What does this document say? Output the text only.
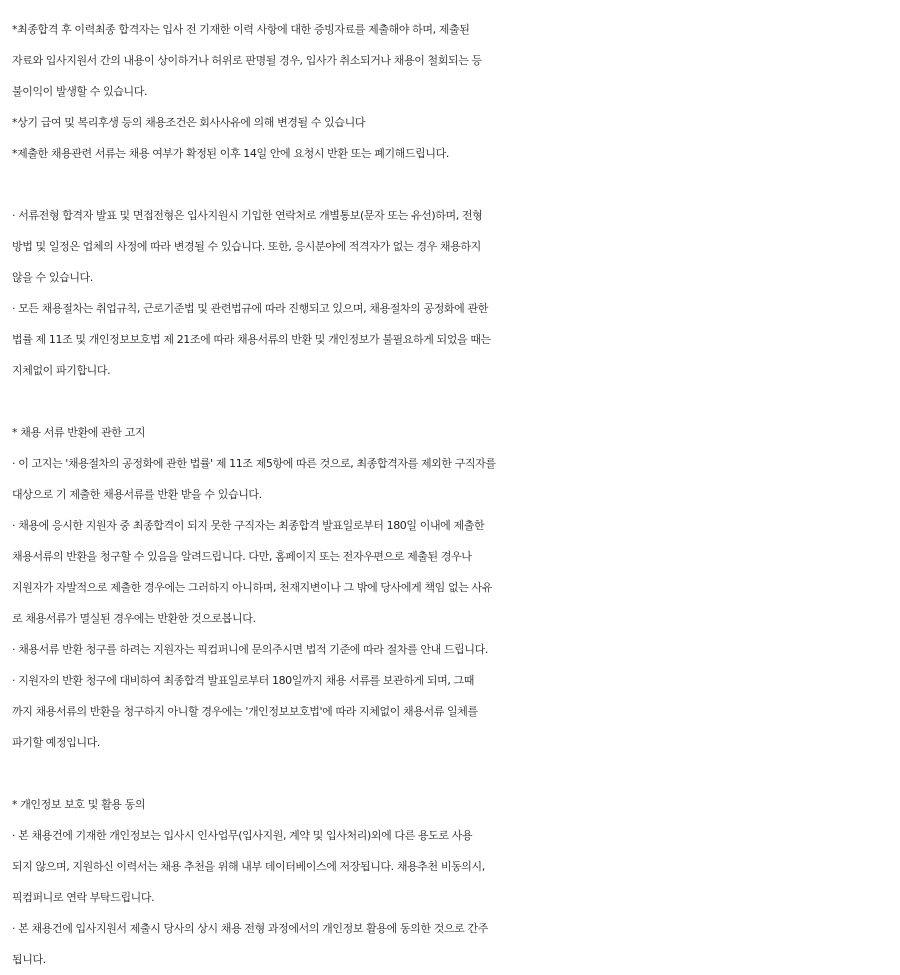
*최종합격 후 이력최종 합격자는 입사 전 기재한 이력 사항에 대한 증빙자료를 제출해야 하며, 제출된

자료와 입사지원서 간의 내용이 상이하거나 허위로 판명될 경우, 입사가 취소되거나 채용이 철회되는 등

불이익이 발생할 수 있습니다.

*상기 급여 및 복리후생 등의 채용조건은 회사사유에 의해 변경될 수 있습니다

*제출한 채용관련 서류는 채용 여부가 확정된 이후 14일 안에 요청시 반환 또는 폐기해드립니다.

· 서류전형 합격자 발표 및 면접전형은 입사지원시 기입한 연락처로 개별통보(문자 또는 유선)하며, 전형

방법 및 일정은 업체의 사정에 따라 변경될 수 있습니다. 또한, 응시분야에 적격자가 없는 경우 채용하지

않을 수 있습니다.

· 모든 채용절차는 취업규칙, 근로기준법 및 관련법규에 따라 진행되고 있으며, 채용절차의 공정화에 관한

법률 제 11조 및 개인정보보호법 제 21조에 따라 채용서류의 반환 및 개인정보가 불필요하게 되었을 때는

지체없이 파기합니다.

* 채용 서류 반환에 관한 고지

· 이 고지는 '채용절차의 공정화에 관한 법률' 제 11조 제5항에 따른 것으로, 최종합격자를 제외한 구직자를

대상으로 기 제출한 채용서류를 반환 받을 수 있습니다.

· 채용에 응시한 지원자 중 최종합격이 되지 못한 구직자는 최종합격 발표일로부터 180일 이내에 제출한

채용서류의 반환을 청구할 수 있음을 알려드립니다. 다만, 홈페이지 또는 전자우편으로 제출된 경우나

지원자가 자발적으로 제출한 경우에는 그러하지 아니하며, 천재지변이나 그 밖에 당사에게 책임 없는 사유

로 채용서류가 멸실된 경우에는 반환한 것으로봅니다.

· 채용서류 반환 청구를 하려는 지원자는 픽컴퍼니에 문의주시면 법적 기준에 따라 절차를 안내 드립니다.

· 지원자의 반환 청구에 대비하여 최종합격 발표일로부터 180일까지 채용 서류를 보관하게 되며, 그때

까지 채용서류의 반환을 청구하지 아니할 경우에는 '개인정보보호법'에 따라 지체없이 채용서류 일체를

파기할 예정입니다.

* 개인정보 보호 및 활용 동의

· 본 채용건에 기재한 개인정보는 입사시 인사업무(입사지원, 계약 및 입사처리)외에 다른 용도로 사용

되지 않으며, 지원하신 이력서는 채용 추천을 위해 내부 데이터베이스에 저장됩니다. 채용추천 비동의시,

픽컴퍼니로 연락 부탁드립니다.

· 본 채용건에 입사지원서 제출시 당사의 상시 채용 전형 과정에서의 개인정보 활용에 동의한 것으로 간주

됩니다.
